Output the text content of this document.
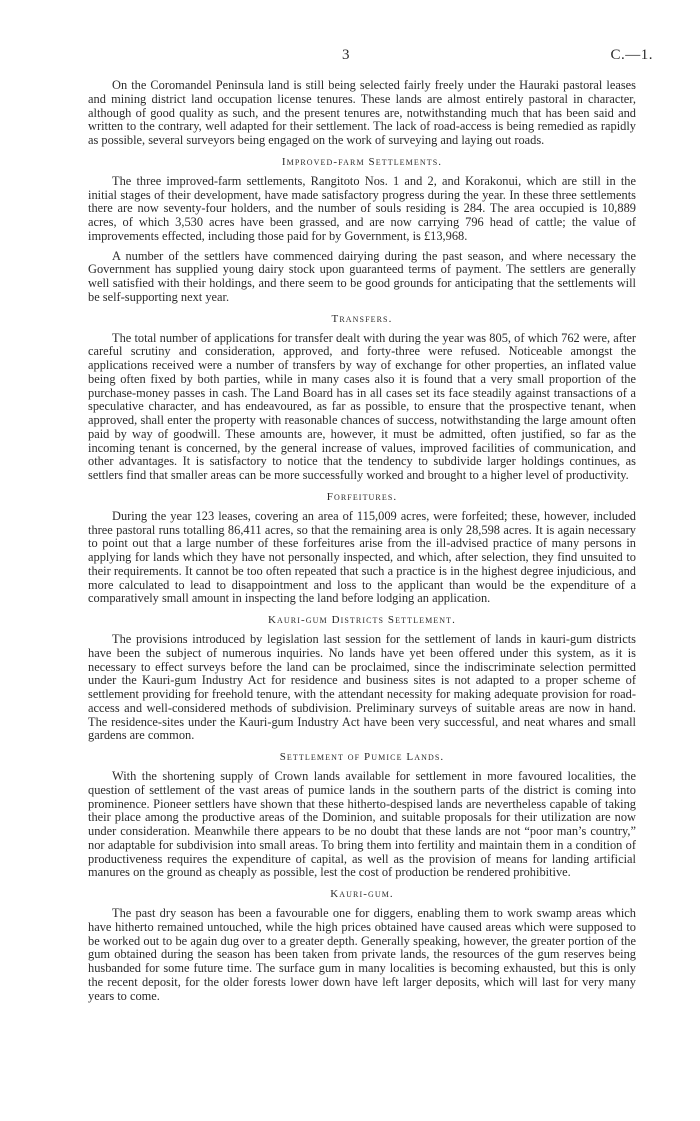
3	C.—1.

On the Coromandel Peninsula land is still being selected fairly freely under the Hauraki pastoral leases and mining district land occupation license tenures. These lands are almost entirely pastoral in character, although of good quality as such, and the present tenures are, notwithstanding much that has been said and written to the contrary, well adapted for their settlement. The lack of road-access is being remedied as rapidly as possible, several surveyors being engaged on the work of surveying and laying out roads.

Improved-farm Settlements.

The three improved-farm settlements, Rangitoto Nos. 1 and 2, and Korakonui, which are still in the initial stages of their development, have made satisfactory progress during the year. In these three settlements there are now seventy-four holders, and the number of souls residing is 284. The area occupied is 10,889 acres, of which 3,530 acres have been grassed, and are now carrying 796 head of cattle; the value of improvements effected, including those paid for by Government, is £13,968.

A number of the settlers have commenced dairying during the past season, and where necessary the Government has supplied young dairy stock upon guaranteed terms of payment. The settlers are generally well satisfied with their holdings, and there seem to be good grounds for anticipating that the settlements will be self-supporting next year.

Transfers.

The total number of applications for transfer dealt with during the year was 805, of which 762 were, after careful scrutiny and consideration, approved, and forty-three were refused. Noticeable amongst the applications received were a number of transfers by way of exchange for other properties, an inflated value being often fixed by both parties, while in many cases also it is found that a very small proportion of the purchase-money passes in cash. The Land Board has in all cases set its face steadily against transactions of a speculative character, and has endeavoured, as far as possible, to ensure that the prospective tenant, when approved, shall enter the property with reasonable chances of success, notwithstanding the large amount often paid by way of goodwill. These amounts are, however, it must be admitted, often justified, so far as the incoming tenant is concerned, by the general increase of values, improved facilities of communication, and other advantages. It is satisfactory to notice that the tendency to subdivide larger holdings continues, as settlers find that smaller areas can be more successfully worked and brought to a higher level of productivity.

Forfeitures.

During the year 123 leases, covering an area of 115,009 acres, were forfeited; these, however, included three pastoral runs totalling 86,411 acres, so that the remaining area is only 28,598 acres. It is again necessary to point out that a large number of these forfeitures arise from the ill-advised practice of many persons in applying for lands which they have not personally inspected, and which, after selection, they find unsuited to their requirements. It cannot be too often repeated that such a practice is in the highest degree injudicious, and more calculated to lead to disappointment and loss to the applicant than would be the expenditure of a comparatively small amount in inspecting the land before lodging an application.

Kauri-gum Districts Settlement.

The provisions introduced by legislation last session for the settlement of lands in kauri-gum districts have been the subject of numerous inquiries. No lands have yet been offered under this system, as it is necessary to effect surveys before the land can be proclaimed, since the indiscriminate selection permitted under the Kauri-gum Industry Act for residence and business sites is not adapted to a proper scheme of settlement providing for freehold tenure, with the attendant necessity for making adequate provision for road-access and well-considered methods of subdivision. Preliminary surveys of suitable areas are now in hand. The residence-sites under the Kauri-gum Industry Act have been very successful, and neat whares and small gardens are common.

Settlement of Pumice Lands.

With the shortening supply of Crown lands available for settlement in more favoured localities, the question of settlement of the vast areas of pumice lands in the southern parts of the district is coming into prominence. Pioneer settlers have shown that these hitherto-despised lands are nevertheless capable of taking their place among the productive areas of the Dominion, and suitable proposals for their utilization are now under consideration. Meanwhile there appears to be no doubt that these lands are not “poor man’s country,” nor adaptable for subdivision into small areas. To bring them into fertility and maintain them in a condition of productiveness requires the expenditure of capital, as well as the provision of means for landing artificial manures on the ground as cheaply as possible, lest the cost of production be rendered prohibitive.

Kauri-gum.

The past dry season has been a favourable one for diggers, enabling them to work swamp areas which have hitherto remained untouched, while the high prices obtained have caused areas which were supposed to be worked out to be again dug over to a greater depth. Generally speaking, however, the greater portion of the gum obtained during the season has been taken from private lands, the resources of the gum reserves being husbanded for some future time. The surface gum in many localities is becoming exhausted, but this is only the recent deposit, for the older forests lower down have left larger deposits, which will last for very many years to come.
